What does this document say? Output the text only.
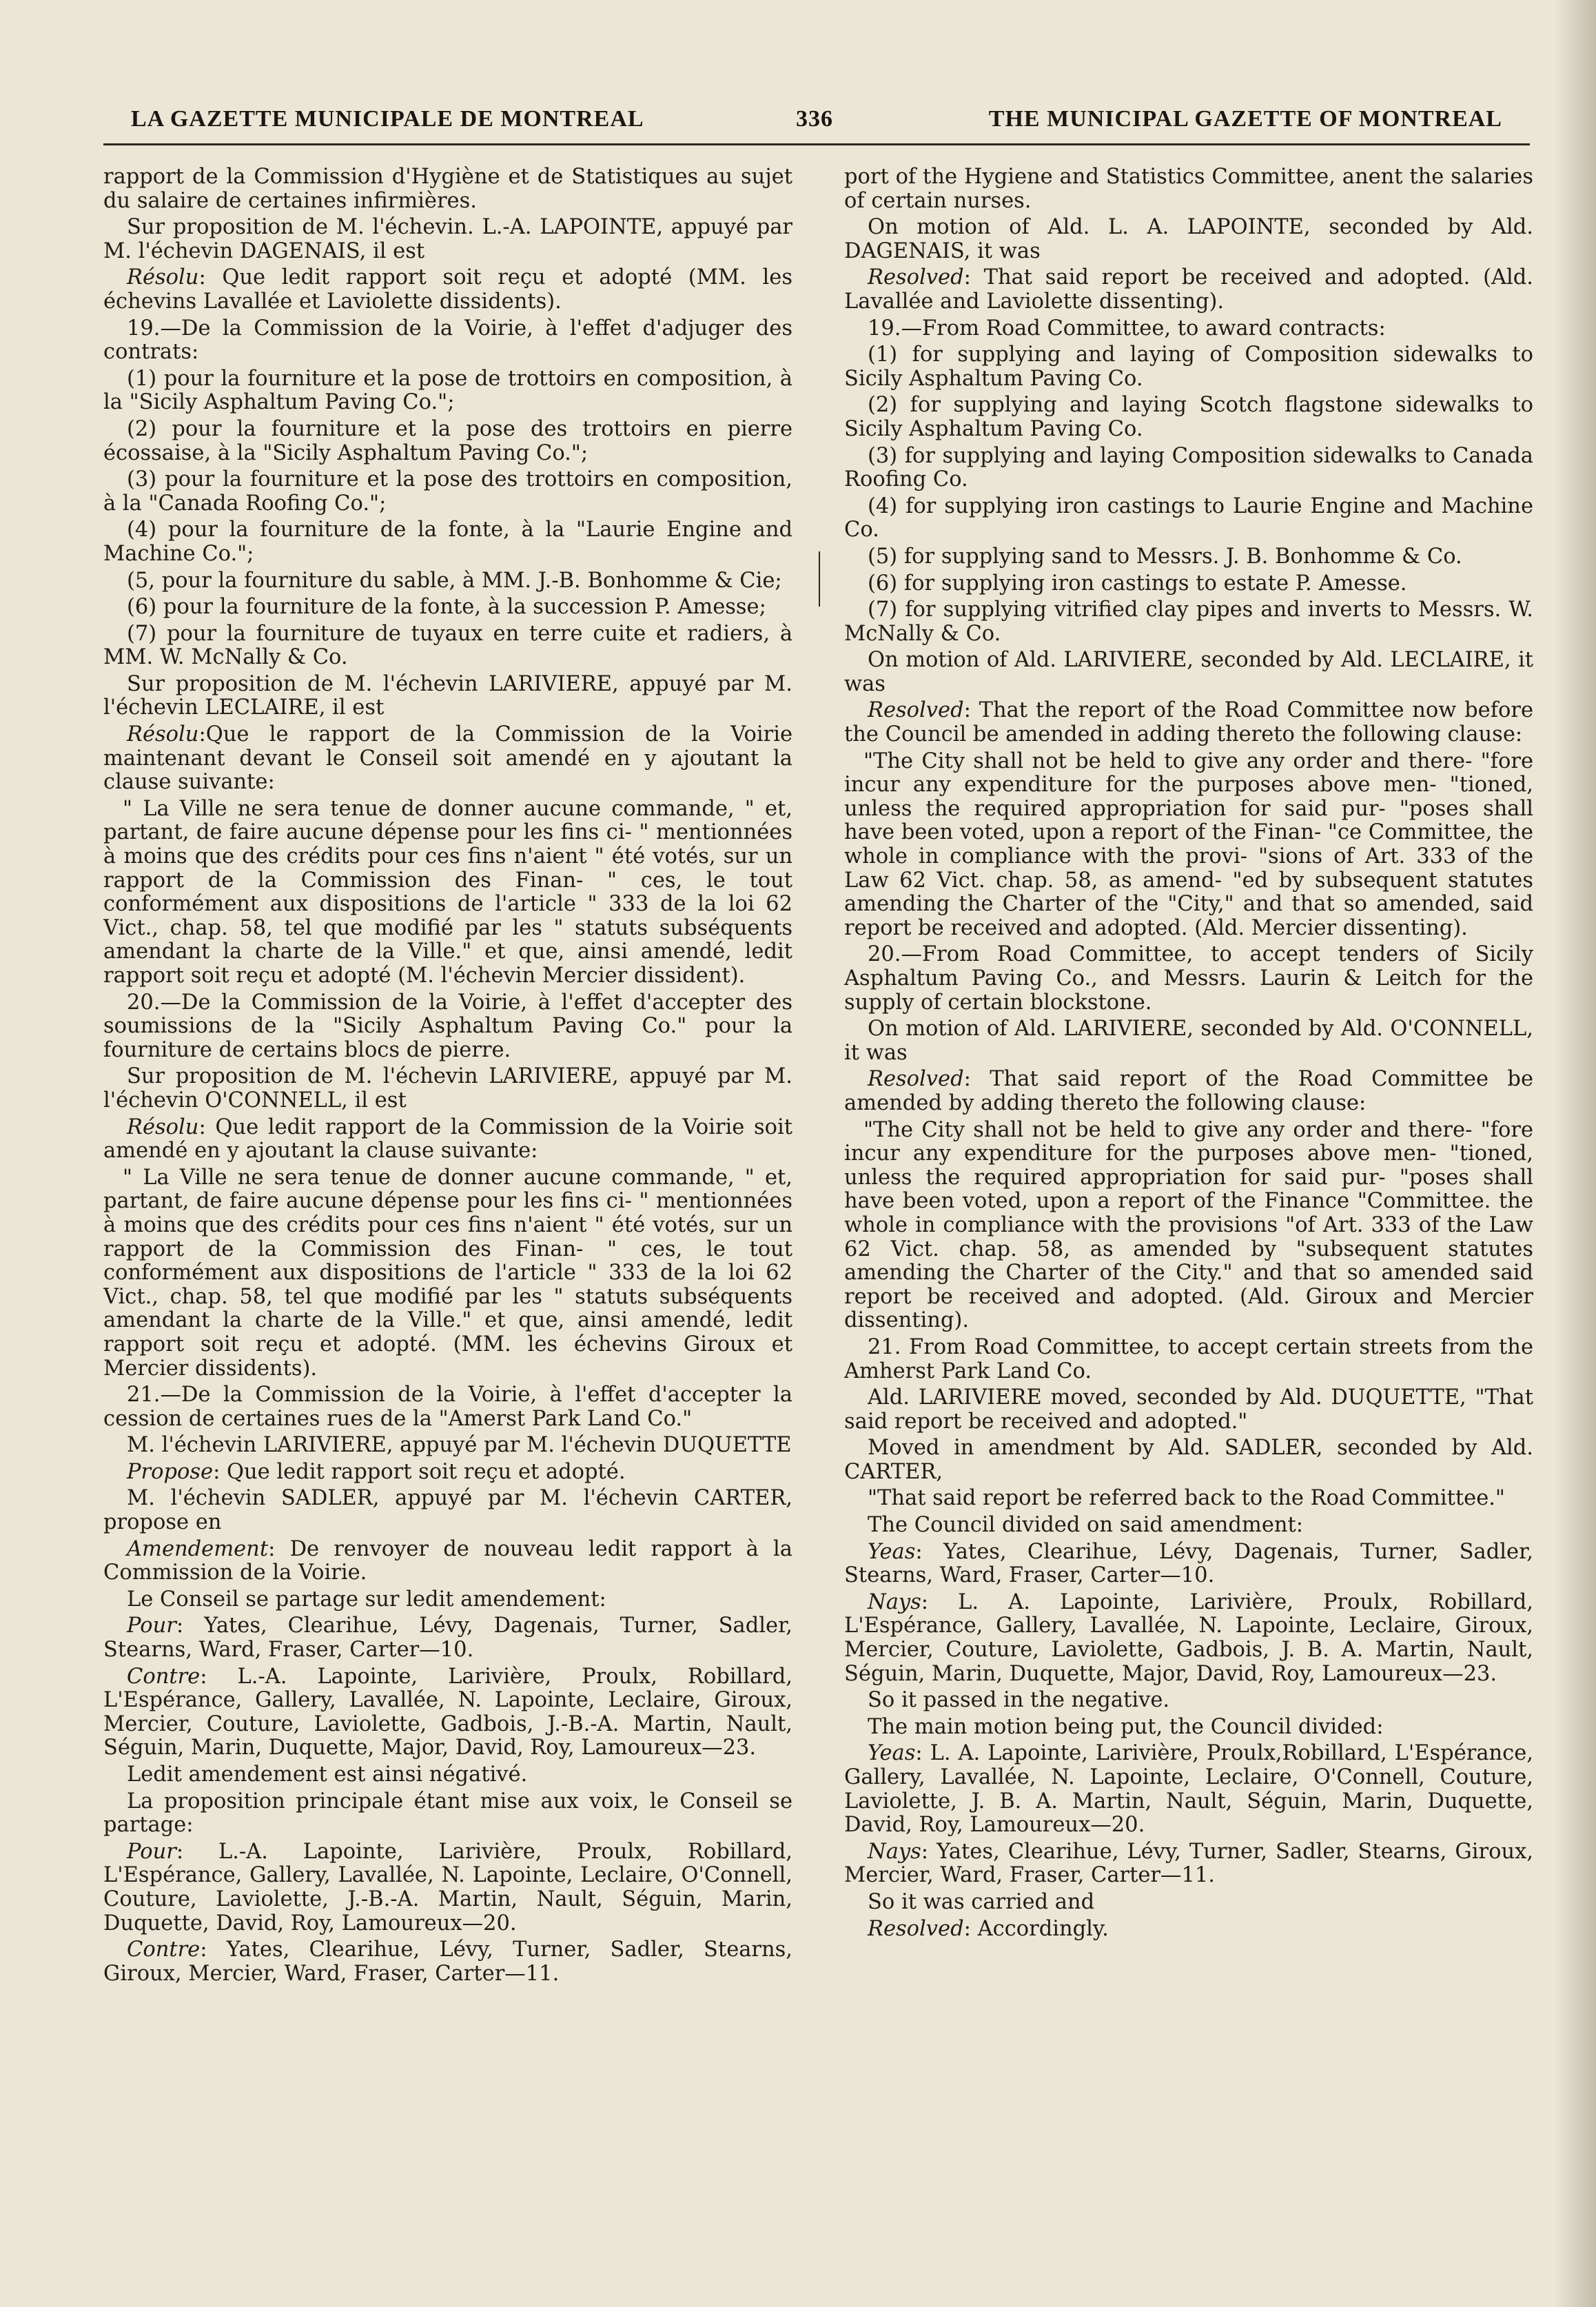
LA GAZETTE MUNICIPALE DE MONTREAL	336	THE MUNICIPAL GAZETTE OF MONTREAL

rapport de la Commission d'Hygiène et de Statistiques au sujet du salaire de certaines infirmières.

Sur proposition de M. l'échevin. L.-A. LAPOINTE, appuyé par M. l'échevin DAGENAIS, il est

Résolu: Que ledit rapport soit reçu et adopté (MM. les échevins Lavallée et Laviolette dissidents).

19.—De la Commission de la Voirie, à l'effet d'adjuger des contrats:

(1) pour la fourniture et la pose de trottoirs en composition, à la "Sicily Asphaltum Paving Co.";

(2) pour la fourniture et la pose des trottoirs en pierre écossaise, à la "Sicily Asphaltum Paving Co.";

(3) pour la fourniture et la pose des trottoirs en composition, à la "Canada Roofing Co.";

(4) pour la fourniture de la fonte, à la "Laurie Engine and Machine Co.";

(5, pour la fourniture du sable, à MM. J.-B. Bonhomme & Cie;

(6) pour la fourniture de la fonte, à la succession P. Amesse;

(7) pour la fourniture de tuyaux en terre cuite et radiers, à MM. W. McNally & Co.

Sur proposition de M. l'échevin LARIVIERE, appuyé par M. l'échevin LECLAIRE, il est

Résolu:Que le rapport de la Commission de la Voirie maintenant devant le Conseil soit amendé en y ajoutant la clause suivante:

" La Ville ne sera tenue de donner aucune commande, " et, partant, de faire aucune dépense pour les fins ci- " mentionnées à moins que des crédits pour ces fins n'aient " été votés, sur un rapport de la Commission des Finan- " ces, le tout conformément aux dispositions de l'article " 333 de la loi 62 Vict., chap. 58, tel que modifié par les " statuts subséquents amendant la charte de la Ville." et que, ainsi amendé, ledit rapport soit reçu et adopté (M. l'échevin Mercier dissident).

20.—De la Commission de la Voirie, à l'effet d'accepter des soumissions de la "Sicily Asphaltum Paving Co." pour la fourniture de certains blocs de pierre.

Sur proposition de M. l'échevin LARIVIERE, appuyé par M. l'échevin O'CONNELL, il est

Résolu: Que ledit rapport de la Commission de la Voirie soit amendé en y ajoutant la clause suivante:

" La Ville ne sera tenue de donner aucune commande, " et, partant, de faire aucune dépense pour les fins ci- " mentionnées à moins que des crédits pour ces fins n'aient " été votés, sur un rapport de la Commission des Finan- " ces, le tout conformément aux dispositions de l'article " 333 de la loi 62 Vict., chap. 58, tel que modifié par les " statuts subséquents amendant la charte de la Ville." et que, ainsi amendé, ledit rapport soit reçu et adopté. (MM. les échevins Giroux et Mercier dissidents).

21.—De la Commission de la Voirie, à l'effet d'accepter la cession de certaines rues de la "Amerst Park Land Co."

M. l'échevin LARIVIERE, appuyé par M. l'échevin DUQUETTE

Propose: Que ledit rapport soit reçu et adopté.

M. l'échevin SADLER, appuyé par M. l'échevin CARTER, propose en

Amendement: De renvoyer de nouveau ledit rapport à la Commission de la Voirie.

Le Conseil se partage sur ledit amendement:

Pour: Yates, Clearihue, Lévy, Dagenais, Turner, Sadler, Stearns, Ward, Fraser, Carter—10.

Contre: L.-A. Lapointe, Larivière, Proulx, Robillard, L'Espérance, Gallery, Lavallée, N. Lapointe, Leclaire, Giroux, Mercier, Couture, Laviolette, Gadbois, J.-B.-A. Martin, Nault, Séguin, Marin, Duquette, Major, David, Roy, Lamoureux—23.

Ledit amendement est ainsi négativé.

La proposition principale étant mise aux voix, le Conseil se partage:

Pour: L.-A. Lapointe, Larivière, Proulx, Robillard, L'Espérance, Gallery, Lavallée, N. Lapointe, Leclaire, O'Connell, Couture, Laviolette, J.-B.-A. Martin, Nault, Séguin, Marin, Duquette, David, Roy, Lamoureux—20.

Contre: Yates, Clearihue, Lévy, Turner, Sadler, Stearns, Giroux, Mercier, Ward, Fraser, Carter—11.

port of the Hygiene and Statistics Committee, anent the salaries of certain nurses.

On motion of Ald. L. A. LAPOINTE, seconded by Ald. DAGENAIS, it was

Resolved: That said report be received and adopted. (Ald. Lavallée and Laviolette dissenting).

19.—From Road Committee, to award contracts:

(1) for supplying and laying of Composition sidewalks to Sicily Asphaltum Paving Co.

(2) for supplying and laying Scotch flagstone sidewalks to Sicily Asphaltum Paving Co.

(3) for supplying and laying Composition sidewalks to Canada Roofing Co.

(4) for supplying iron castings to Laurie Engine and Machine Co.

(5) for supplying sand to Messrs. J. B. Bonhomme & Co.

(6) for supplying iron castings to estate P. Amesse.

(7) for supplying vitrified clay pipes and inverts to Messrs. W. McNally & Co.

On motion of Ald. LARIVIERE, seconded by Ald. LECLAIRE, it was

Resolved: That the report of the Road Committee now before the Council be amended in adding thereto the following clause:

"The City shall not be held to give any order and there- "fore incur any expenditure for the purposes above men- "tioned, unless the required appropriation for said pur- "poses shall have been voted, upon a report of the Finan- "ce Committee, the whole in compliance with the provi- "sions of Art. 333 of the Law 62 Vict. chap. 58, as amend- "ed by subsequent statutes amending the Charter of the "City," and that so amended, said report be received and adopted. (Ald. Mercier dissenting).

20.—From Road Committee, to accept tenders of Sicily Asphaltum Paving Co., and Messrs. Laurin & Leitch for the supply of certain blockstone.

On motion of Ald. LARIVIERE, seconded by Ald. O'CONNELL, it was

Resolved: That said report of the Road Committee be amended by adding thereto the following clause:

"The City shall not be held to give any order and there- "fore incur any expenditure for the purposes above men- "tioned, unless the required appropriation for said pur- "poses shall have been voted, upon a report of the Finance "Committee. the whole in compliance with the provisions "of Art. 333 of the Law 62 Vict. chap. 58, as amended by "subsequent statutes amending the Charter of the City." and that so amended said report be received and adopted. (Ald. Giroux and Mercier dissenting).

21. From Road Committee, to accept certain streets from the Amherst Park Land Co.

Ald. LARIVIERE moved, seconded by Ald. DUQUETTE, "That said report be received and adopted."

Moved in amendment by Ald. SADLER, seconded by Ald. CARTER,

"That said report be referred back to the Road Committee."

The Council divided on said amendment:

Yeas: Yates, Clearihue, Lévy, Dagenais, Turner, Sadler, Stearns, Ward, Fraser, Carter—10.

Nays: L. A. Lapointe, Larivière, Proulx, Robillard, L'Espérance, Gallery, Lavallée, N. Lapointe, Leclaire, Giroux, Mercier, Couture, Laviolette, Gadbois, J. B. A. Martin, Nault, Séguin, Marin, Duquette, Major, David, Roy, Lamoureux—23.

So it passed in the negative.

The main motion being put, the Council divided:

Yeas: L. A. Lapointe, Larivière, Proulx,Robillard, L'Espérance, Gallery, Lavallée, N. Lapointe, Leclaire, O'Connell, Couture, Laviolette, J. B. A. Martin, Nault, Séguin, Marin, Duquette, David, Roy, Lamoureux—20.

Nays: Yates, Clearihue, Lévy, Turner, Sadler, Stearns, Giroux, Mercier, Ward, Fraser, Carter—11.

So it was carried and

Resolved: Accordingly.
